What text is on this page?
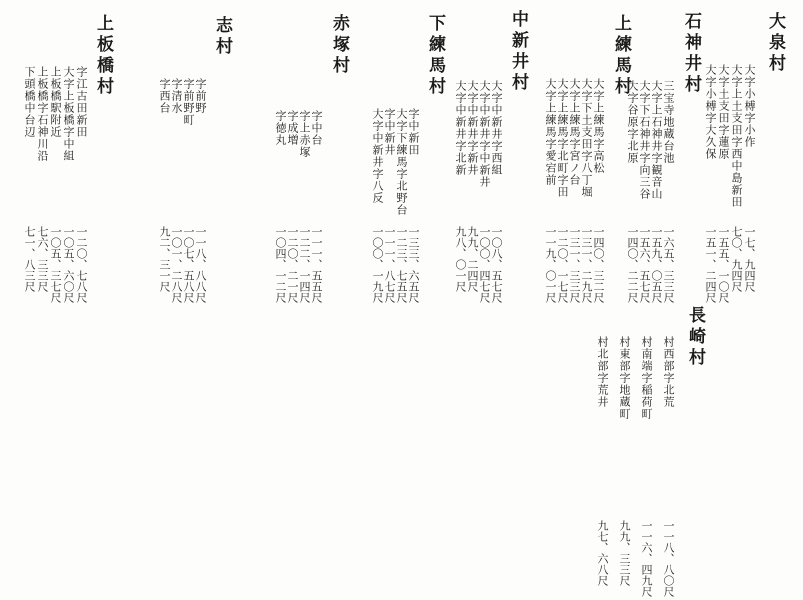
大泉村
大字小榑字小作
大字上土支田字西中島新田
大字土支田字蓮原
大字小榑字大久保
一七、九四尺
七〇、九四尺
一五五、一〇尺
一五一、二四尺
石神井村
三宝寺地蔵台池
大字上石神井字観音山
大字下石神井字向三谷
大字谷原字北原
一六五、三三尺
一五九、〇五尺
一五六、五七尺
一四〇、二二尺
上練馬村
大字上練馬字高松
大字下土支田字八丁堀
大字上練馬字宮ノ台
大字上練馬字北町字田
大字上練馬字愛宕前
一四〇、三二尺
一三一、二九尺
一三一、三三尺
一二〇、一七尺
一一九、〇一尺
中新井村
大字中新井字西組
大字中新井字中新井
大字中新井字新井
大字中新井字北新
一〇八、五七尺
一〇〇、四七尺
九九、二四尺
九八、〇一尺
下練馬村
字中新田
大字下練馬字北野台
字中新井
大字中新井字八反
一三三、六五尺
一二三、七五尺
一一一、八七尺
一〇〇、一九尺
赤塚村
字中台
字上赤塚
字成増
字徳丸
一一一、五五尺
一二二、一四尺
一二〇、二一尺
一〇四、一二尺
志村
字前野
字前野町
字清水
字西台
一一八、八八尺
一〇七、五八尺
一〇一、二八尺
九二、三一尺
上板橋村
字江古田新田
大字上板橋字中組
上板橋駅附近
上板橋字石神川沿
下頭橋中台辺
一二〇、七八尺
一〇五、六〇尺
一〇五、三七尺
七六、三三尺
七一、八三尺
長崎村
村西部字北荒
村南端字稲荷町
村東部字地蔵町
村北部字荒井
一一八、八〇尺
一一六、四九尺
九九、三三尺
九七、六八尺
